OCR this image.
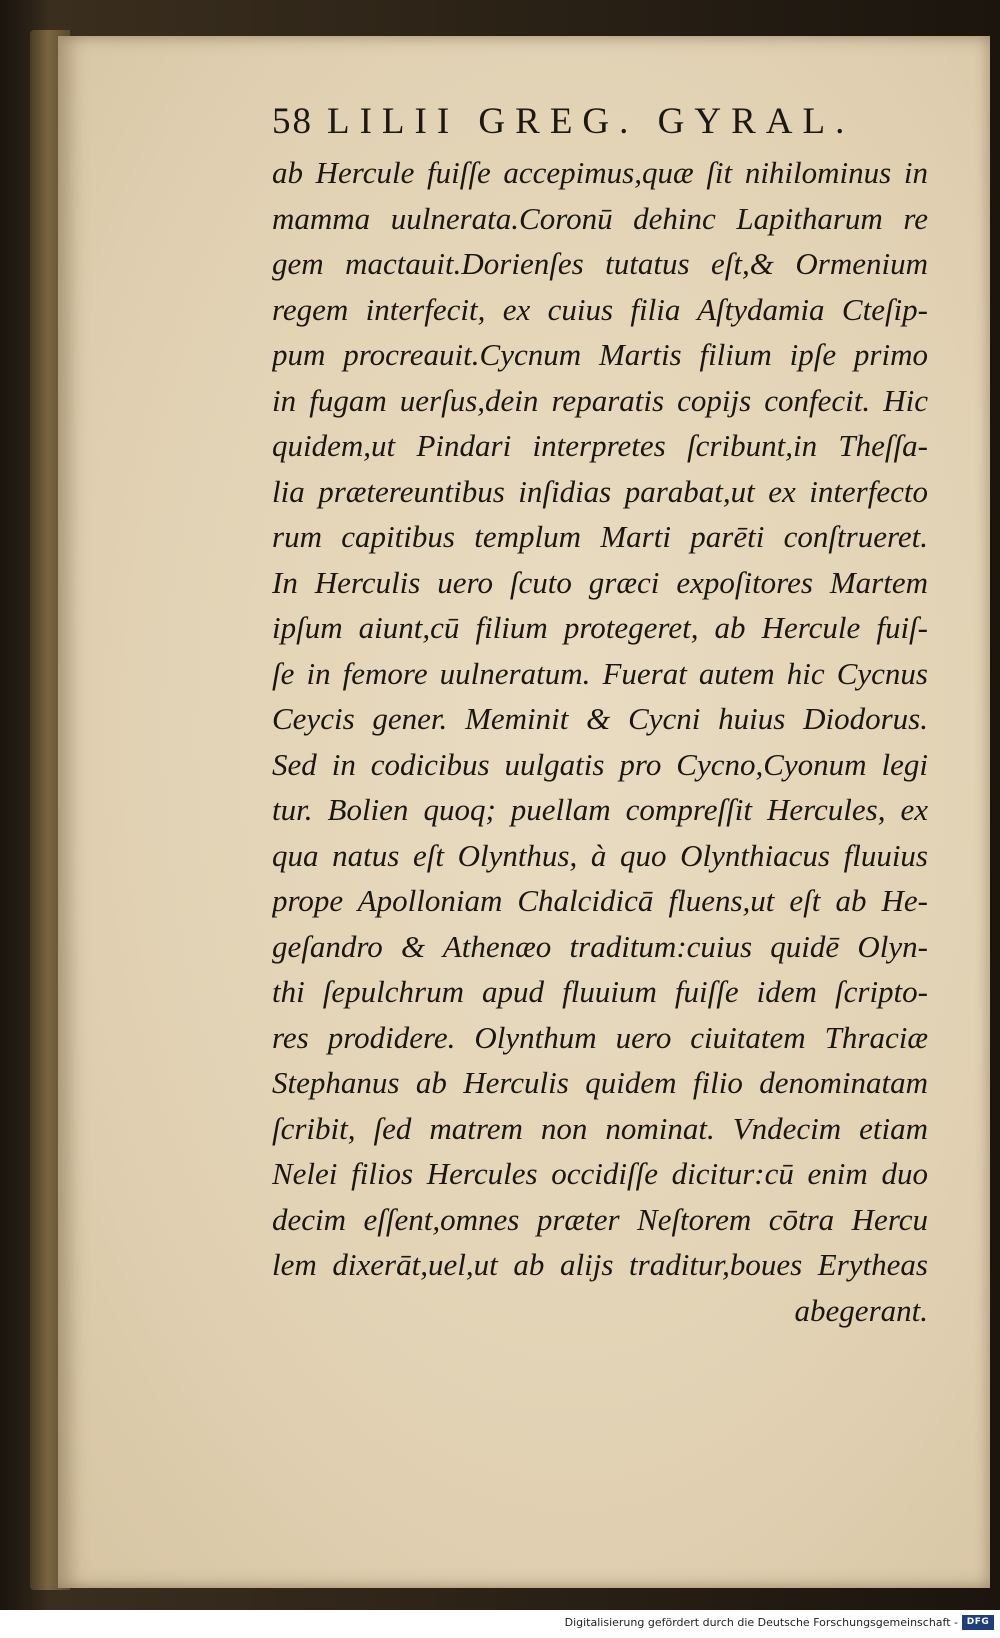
58 LILII GREG. GYRAL.
ab Hercule fuiſſe accepimus,quæ ſit nihilominus in
mamma uulnerata.Coronū dehinc Lapitharum re
gem mactauit.Dorienſes tutatus eſt,& Ormenium
regem interfecit, ex cuius filia Aſtydamia Cteſip-
pum procreauit.Cycnum Martis filium ipſe primo
in fugam uerſus,dein reparatis copijs confecit. Hic
quidem,ut Pindari interpretes ſcribunt,in Theſſa-
lia prætereuntibus inſidias parabat,ut ex interfecto
rum capitibus templum Marti parēti conſtrueret.
In Herculis uero ſcuto græci expoſitores Martem
ipſum aiunt,cū filium protegeret, ab Hercule fuiſ-
ſe in femore uulneratum. Fuerat autem hic Cycnus
Ceycis gener. Meminit & Cycni huius Diodorus.
Sed in codicibus uulgatis pro Cycno,Cyonum legi
tur. Bolien quoq; puellam compreſſit Hercules, ex
qua natus eſt Olynthus, à quo Olynthiacus fluuius
prope Apolloniam Chalcidicā fluens,ut eſt ab He-
geſandro & Athenæo traditum:cuius quidē Olyn-
thi ſepulchrum apud fluuium fuiſſe idem ſcripto-
res prodidere. Olynthum uero ciuitatem Thraciæ
Stephanus ab Herculis quidem filio denominatam
ſcribit, ſed matrem non nominat. Vndecim etiam
Nelei filios Hercules occidiſſe dicitur:cū enim duo
decim eſſent,omnes præter Neſtorem cōtra Hercu
lem dixerāt,uel,ut ab alijs traditur,boues Erytheas
abegerant.
Digitalisierung gefördert durch die Deutsche Forschungsgemeinschaft - DFG
